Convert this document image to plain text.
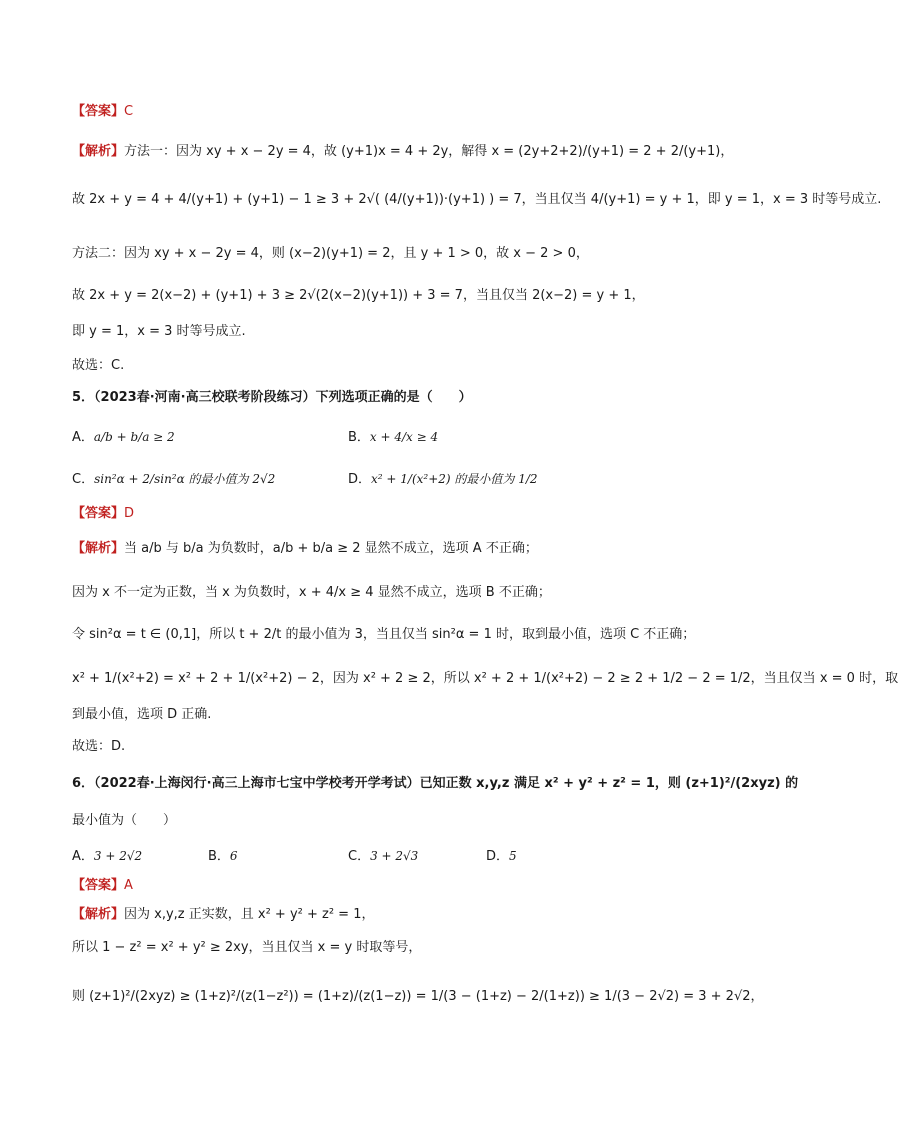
【答案】C
【解析】方法一：因为 xy + x − 2y = 4，故 (y+1)x = 4 + 2y，解得 x = (2y+2+2)/(y+1) = 2 + 2/(y+1)，
故 2x + y = 4 + 4/(y+1) + (y+1) − 1 ≥ 3 + 2√( (4/(y+1))·(y+1) ) = 7，当且仅当 4/(y+1) = y + 1，即 y = 1，x = 3 时等号成立.
方法二：因为 xy + x − 2y = 4，则 (x−2)(y+1) = 2，且 y + 1 > 0，故 x − 2 > 0，
故 2x + y = 2(x−2) + (y+1) + 3 ≥ 2√(2(x−2)(y+1)) + 3 = 7，当且仅当 2(x−2) = y + 1，
即 y = 1，x = 3 时等号成立.
故选：C.
5．（2023春·河南·高三校联考阶段练习）下列选项正确的是（　　）
【答案】D
【解析】当 a/b 与 b/a 为负数时，a/b + b/a ≥ 2 显然不成立，选项 A 不正确；
因为 x 不一定为正数，当 x 为负数时，x + 4/x ≥ 4 显然不成立，选项 B 不正确；
令 sin²α = t ∈ (0,1]，所以 t + 2/t 的最小值为 3，当且仅当 sin²α = 1 时，取到最小值，选项 C 不正确；
x² + 1/(x²+2) = x² + 2 + 1/(x²+2) − 2，因为 x² + 2 ≥ 2，所以 x² + 2 + 1/(x²+2) − 2 ≥ 2 + 1/2 − 2 = 1/2，当且仅当 x = 0 时，取
到最小值，选项 D 正确.
故选：D.
6．（2022春·上海闵行·高三上海市七宝中学校考开学考试）已知正数 x,y,z 满足 x² + y² + z² = 1，则 (z+1)²/(2xyz) 的
最小值为（　　）
【答案】A
【解析】因为 x,y,z 正实数，且 x² + y² + z² = 1，
所以 1 − z² = x² + y² ≥ 2xy，当且仅当 x = y 时取等号，
则 (z+1)²/(2xyz) ≥ (1+z)²/(z(1−z²)) = (1+z)/(z(1−z)) = 1/(3 − (1+z) − 2/(1+z)) ≥ 1/(3 − 2√2) = 3 + 2√2，
A．a/b + b/a ≥ 2	B．x + 4/x ≥ 4
C．sin²α + 2/sin²α 的最小值为 2√2	D．x² + 1/(x²+2) 的最小值为 1/2
A．3 + 2√2	B．6	C．3 + 2√3	D．5
